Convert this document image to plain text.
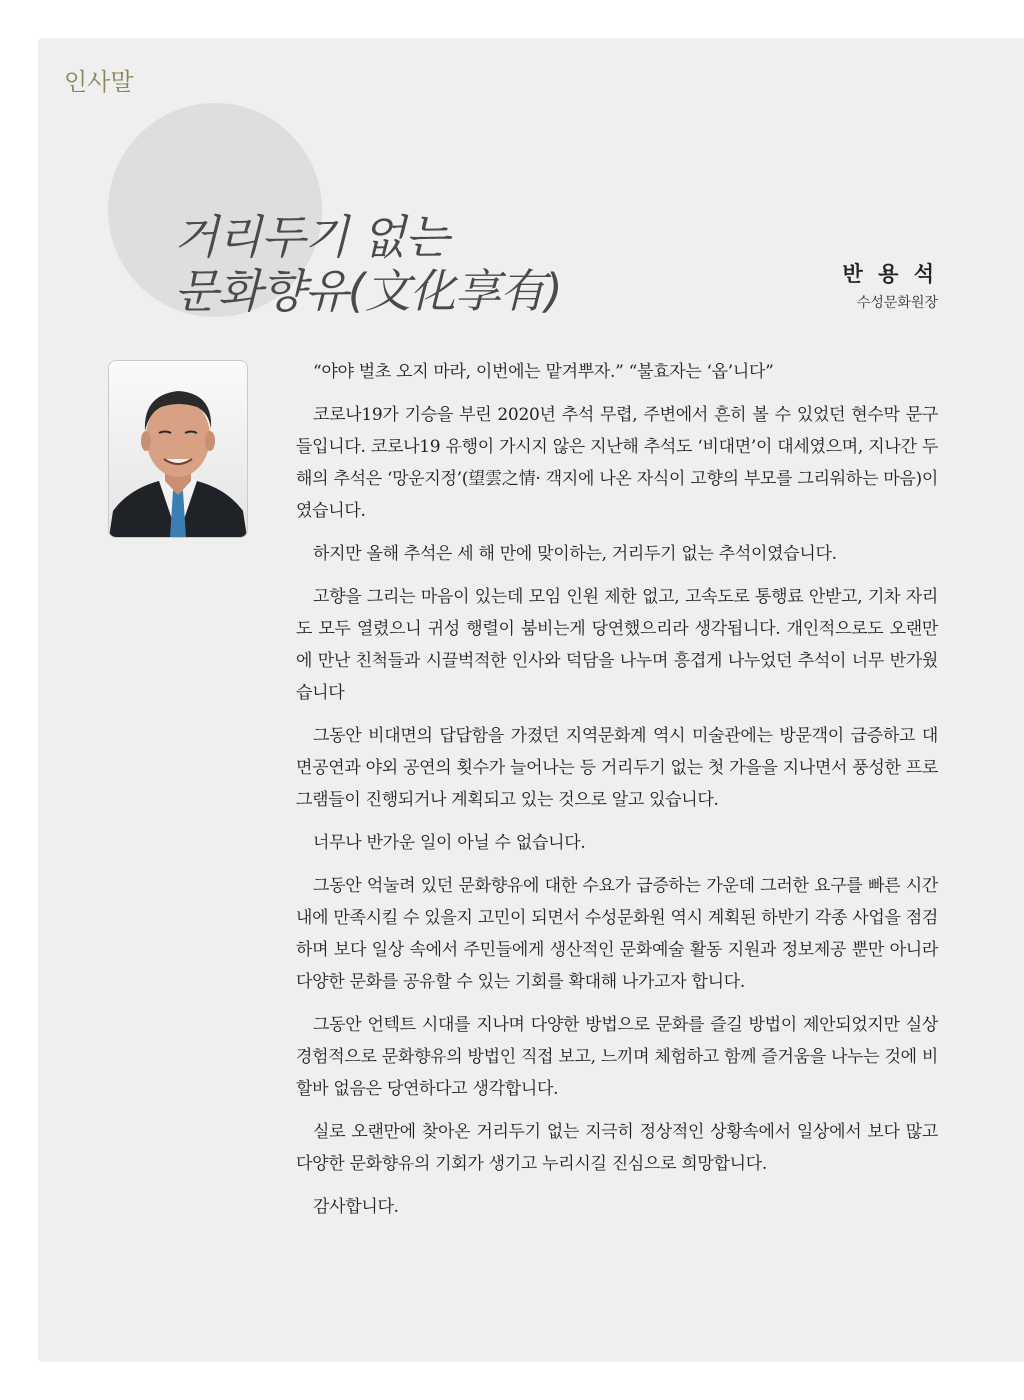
인사말
거리두기 없는
문화향유(文化享有)	반 용 석
수성문화원장

“야야 벌초 오지 마라, 이번에는 맡겨뿌자.” “불효자는 ‘옵’니다”

코로나19가 기승을 부린 2020년 추석 무렵, 주변에서 흔히 볼 수 있었던 현수막 문구들입니다. 코로나19 유행이 가시지 않은 지난해 추석도 ‘비대면’이 대세였으며, 지나간 두해의 추석은 ‘망운지정’(望雲之情· 객지에 나온 자식이 고향의 부모를 그리워하는 마음)이였습니다.

하지만 올해 추석은 세 해 만에 맞이하는, 거리두기 없는 추석이였습니다.

고향을 그리는 마음이 있는데 모임 인원 제한 없고, 고속도로 통행료 안받고, 기차 자리도 모두 열렸으니 귀성 행렬이 붐비는게 당연했으리라 생각됩니다. 개인적으로도 오랜만에 만난 친척들과 시끌벅적한 인사와 덕담을 나누며 흥겹게 나누었던 추석이 너무 반가웠습니다

그동안 비대면의 답답함을 가졌던 지역문화계 역시 미술관에는 방문객이 급증하고 대면공연과 야외 공연의 횟수가 늘어나는 등 거리두기 없는 첫 가을을 지나면서 풍성한 프로그램들이 진행되거나 계획되고 있는 것으로 알고 있습니다.

너무나 반가운 일이 아닐 수 없습니다.

그동안 억눌려 있던 문화향유에 대한 수요가 급증하는 가운데 그러한 요구를 빠른 시간내에 만족시킬 수 있을지 고민이 되면서 수성문화원 역시 계획된 하반기 각종 사업을 점검하며 보다 일상 속에서 주민들에게 생산적인 문화예술 활동 지원과 정보제공 뿐만 아니라 다양한 문화를 공유할 수 있는 기회를 확대해 나가고자 합니다.

그동안 언텍트 시대를 지나며 다양한 방법으로 문화를 즐길 방법이 제안되었지만 실상 경험적으로 문화향유의 방법인 직접 보고, 느끼며 체험하고 함께 즐거움을 나누는 것에 비할바 없음은 당연하다고 생각합니다.

실로 오랜만에 찾아온 거리두기 없는 지극히 정상적인 상황속에서 일상에서 보다 많고 다양한 문화향유의 기회가 생기고 누리시길 진심으로 희망합니다.

감사합니다.
